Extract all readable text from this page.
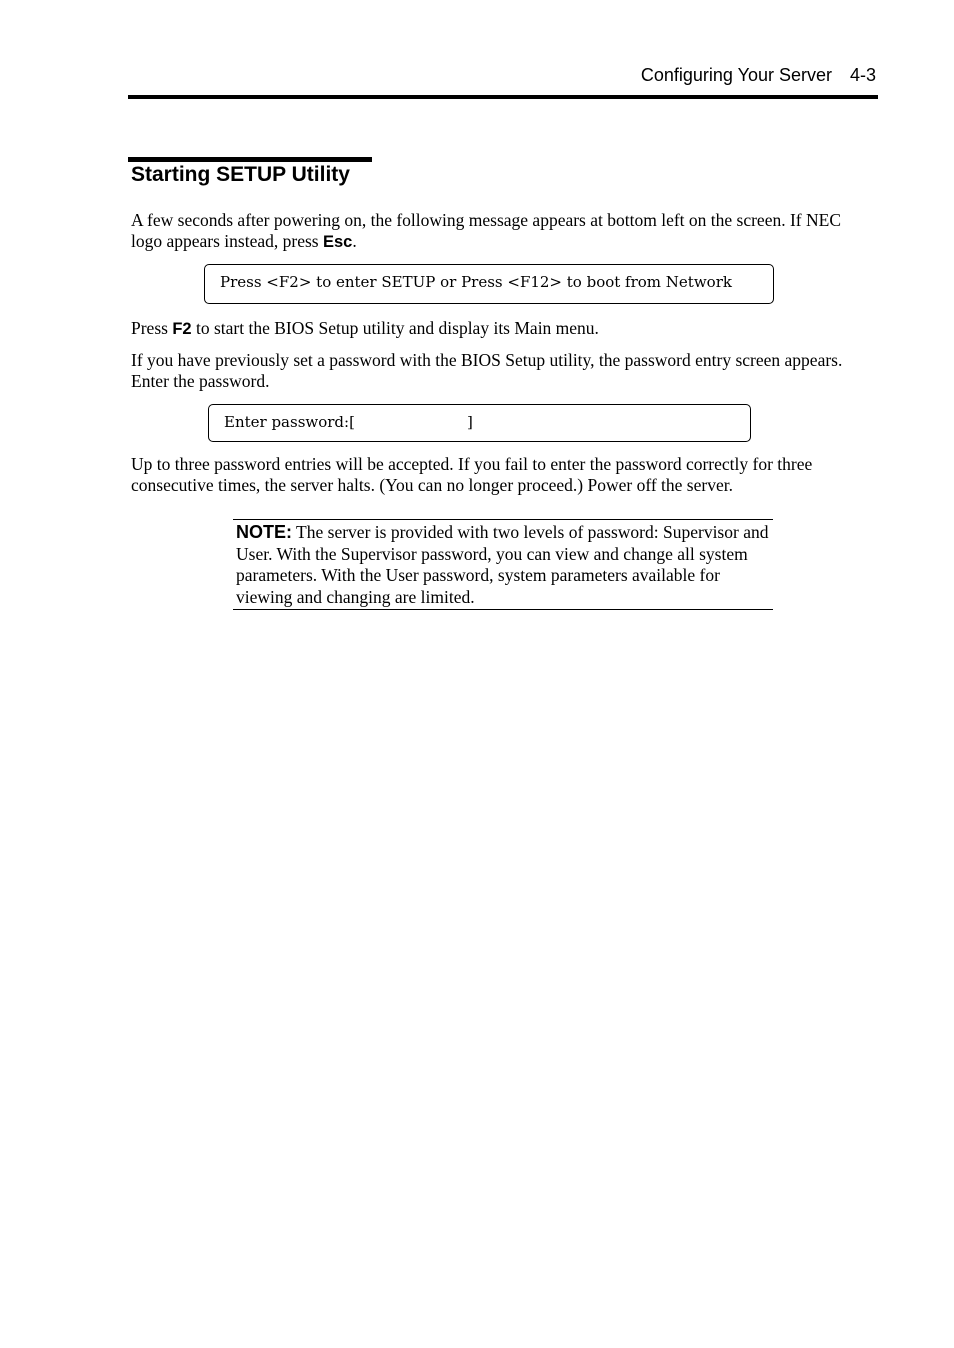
Configuring Your Server 4-3
Starting SETUP Utility
A few seconds after powering on, the following message appears at bottom left on the screen. If NEC logo appears instead, press Esc.
Press <F2> to enter SETUP or Press <F12> to boot from Network
Press F2 to start the BIOS Setup utility and display its Main menu.
If you have previously set a password with the BIOS Setup utility, the password entry screen appears. Enter the password.
Enter password:[	]
Up to three password entries will be accepted. If you fail to enter the password correctly for three consecutive times, the server halts. (You can no longer proceed.) Power off the server.
NOTE: The server is provided with two levels of password: Supervisor and User. With the Supervisor password, you can view and change all system parameters. With the User password, system parameters available for viewing and changing are limited.
